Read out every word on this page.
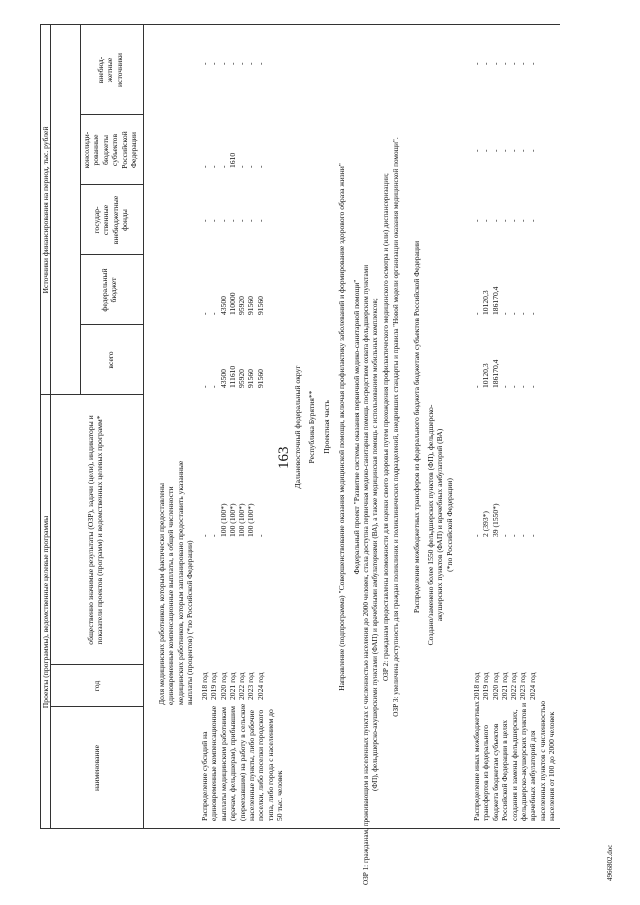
163
Проекты (программы), ведомственные целевые программы
Источники финансирования на период, тыс. рублей
наименование
год
общественно значимые результаты (ОЗР), задачи (цели), индикаторы и показатели проектов (программ) и ведомственных целевых программ*
всего
федеральный бюджет
государ- ственные внебюджетные фонды
консолиди- рованные бюджеты субъектов Российской Федерации
внебюд- жетные источники
Доля медицинских работников, которым фактически предоставлены единовременные компенсационные выплаты, в общей численности медицинских работников, которым запланировано предоставить указанные выплаты (процентов) (*по Российской Федерации)
Распределение субсидий на единовременные компенсационные выплаты медицинским работникам (врачам, фельдшерам), прибывшим (переехавшим) на работу в сельские населенные пункты, либо рабочие поселки, либо поселки городского типа, либо города с населением до 50 тыс. человек
2018 год 2019 год 2020 год 2021 год 2022 год 2023 год 2024 год
- - 100 (100*) 100 (100*) 100 (100*) 100 (100*) -
- - 43500 111610 95920 91560 91560
- - 43500 110000 95920 91560 91560
- - - - - - -
- - - 1610 - - -
- - - - - - -
Дальневосточный федеральный округ Республика Бурятия** Проектная часть Направление (подпрограмма) "Совершенствование оказания медицинской помощи, включая профилактику заболеваний и формирование здорового образа жизни" Федеральный проект "Развитие системы оказания первичной медико-санитарной помощи" ОЗР 1: гражданам, проживающим в населенных пунктах с численностью населения до 2000 человек, стала доступна первичная медико-санитарная помощь посредством охвата фельдшерским пунктами (ФП), фельдшерско-акушерскими пунктами (ФАП) и врачебными амбулаториями (ВА), а также медицинская помощь с использованием мобильных комплексов; ОЗР 2: гражданам предоставлены возможности для оценки своего здоровья путем прохождения профилактического медицинского осмотра и (или) диспансеризации; ОЗР 3: увеличена доступность для граждан поликлиник и поликлинических подразделений, внедривших стандарты и правила "Новой модели организации оказания медицинской помощи". Распределение межбюджетных трансферов из федерального бюджета бюджетам субъектов Российской Федерации Создано/заменено более 1550 фельдшерских пунктов (ФП), фельдшерско- акушерских пунктов (ФАП) и врачебных амбулаторий (ВА) (*по Российской Федерации)
Распределение иных межбюджетных трансфертов из федерального бюджета бюджетам субъектов Российской Федерации в целях создания и замены фельдшерских, фельдшерско-акушерских пунктов и врачебных амбулаторий для населенных пунктов с численностью населения от 100 до 2000 человек
2018 год 2019 год 2020 год 2021 год 2022 год 2023 год 2024 год
- 2 (393*) 39 (1550*) - - - -
- 10120,3 186170,4 - - - -
- 10120,3 186170,4 - - - -
- - - - - - -
- - - - - - -
- - - - - - -
4966802.doc
